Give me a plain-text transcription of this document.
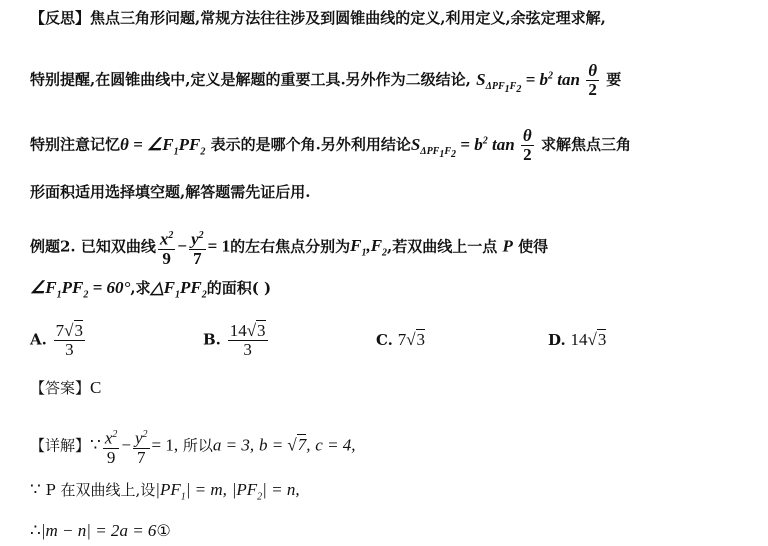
【反思】焦点三角形问题,常规方法往往涉及到圆锥曲线的定义,利用定义,余弦定理求解,
特别提醒,在圆锥曲线中,定义是解题的重要工具.另外作为二级结论, $S_{\Delta PF_1F_2} = b^2$ $\tan \frac{\theta}{2}$ 要
特别注意记忆$\theta = \angle F_1PF_2$ 表示的是哪个角.另外利用结论$S_{\Delta PF_1F_2} = b^2$ $\tan \frac{\theta}{2}$ 求解焦点三角
形面积适用选择填空题,解答题需先证后用.
例题2. 已知双曲线 $\frac{x^2}{9} - \frac{y^2}{7} = 1$的左右焦点分别为$F_1,F_2$,若双曲线上一点 P 使得
$\angle F_1PF_2 = 60^\circ$,求$\triangle F_1PF_2$的面积( )
A. $\frac{7√3}{3}$	B. $\frac{14√3}{3}$	C. 7√3	D. 14√3
【答案】C
【详解】∵ $\frac{x^2}{9} - \frac{y^2}{7} = 1$, 所以a = 3, b = √7, c = 4,
∵ P 在双曲线上,设$|PF_1| = m$, $|PF_2| = n$,
∴|m − n| = 2a = 6①
